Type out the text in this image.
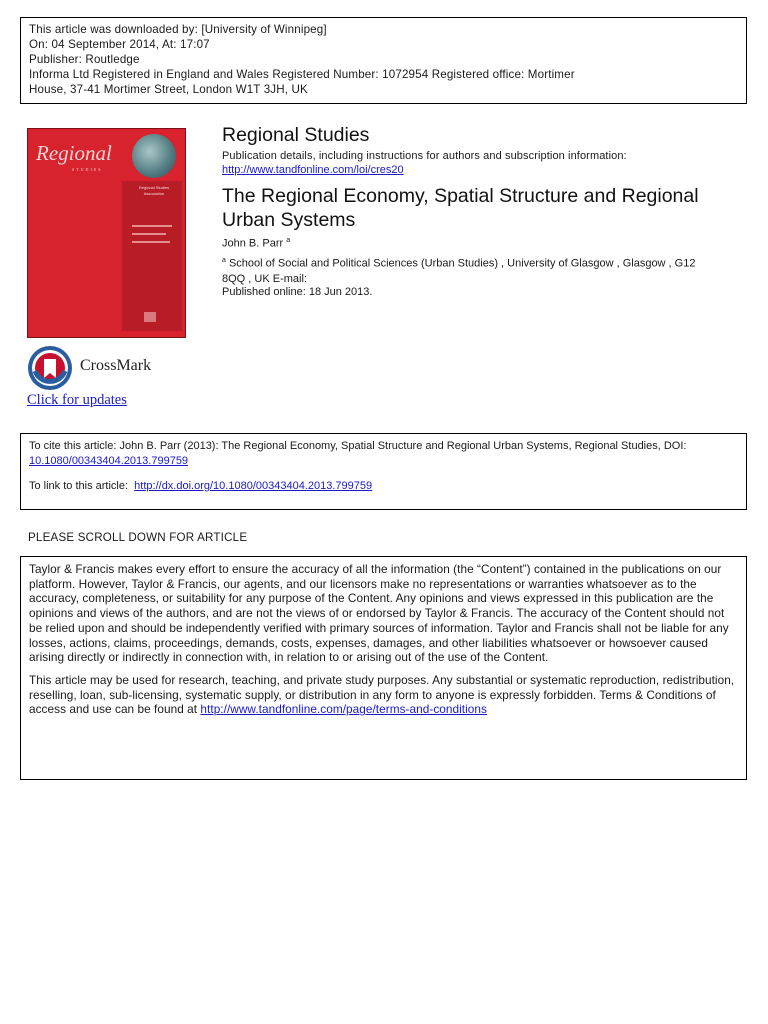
This article was downloaded by: [University of Winnipeg]
On: 04 September 2014, At: 17:07
Publisher: Routledge
Informa Ltd Registered in England and Wales Registered Number: 1072954 Registered office: Mortimer
House, 37-41 Mortimer Street, London W1T 3JH, UK
Regional
STUDIES
Regional Studies Association
Regional Studies
Publication details, including instructions for authors and subscription information:
http://www.tandfonline.com/loi/cres20
The Regional Economy, Spatial Structure and Regional Urban Systems
John B. Parr $^a$
$^a$ School of Social and Political Sciences (Urban Studies) , University of Glasgow , Glasgow , G12 8QQ , UK E-mail:
Published online: 18 Jun 2013.
CrossMark
Click for updates
To cite this article: John B. Parr (2013): The Regional Economy, Spatial Structure and Regional Urban Systems, Regional Studies, DOI: 10.1080/00343404.2013.799759
To link to this article: http://dx.doi.org/10.1080/00343404.2013.799759
PLEASE SCROLL DOWN FOR ARTICLE

Taylor & Francis makes every effort to ensure the accuracy of all the information (the “Content”) contained in the publications on our platform. However, Taylor & Francis, our agents, and our licensors make no representations or warranties whatsoever as to the accuracy, completeness, or suitability for any purpose of the Content. Any opinions and views expressed in this publication are the opinions and views of the authors, and are not the views of or endorsed by Taylor & Francis. The accuracy of the Content should not be relied upon and should be independently verified with primary sources of information. Taylor and Francis shall not be liable for any losses, actions, claims, proceedings, demands, costs, expenses, damages, and other liabilities whatsoever or howsoever caused arising directly or indirectly in connection with, in relation to or arising out of the use of the Content.

This article may be used for research, teaching, and private study purposes. Any substantial or systematic reproduction, redistribution, reselling, loan, sub-licensing, systematic supply, or distribution in any form to anyone is expressly forbidden. Terms & Conditions of access and use can be found at http://www.tandfonline.com/page/terms-and-conditions
